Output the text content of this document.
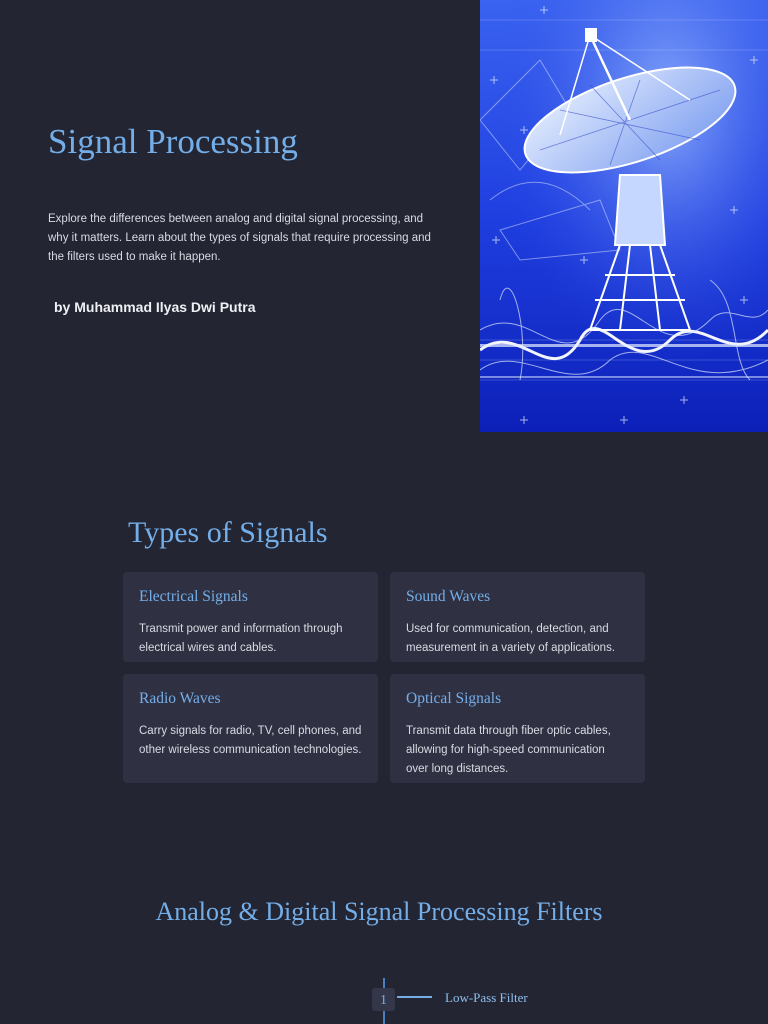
Signal Processing

Explore the differences between analog and digital signal processing, and why it matters. Learn about the types of signals that require processing and the filters used to make it happen.

by Muhammad Ilyas Dwi Putra
Types of Signals
Electrical Signals

Transmit power and information through electrical wires and cables.

Sound Waves

Used for communication, detection, and measurement in a variety of applications.

Radio Waves

Carry signals for radio, TV, cell phones, and other wireless communication technologies.

Optical Signals

Transmit data through fiber optic cables, allowing for high-speed communication over long distances.

Analog & Digital Signal Processing Filters
1	Low-Pass Filter
